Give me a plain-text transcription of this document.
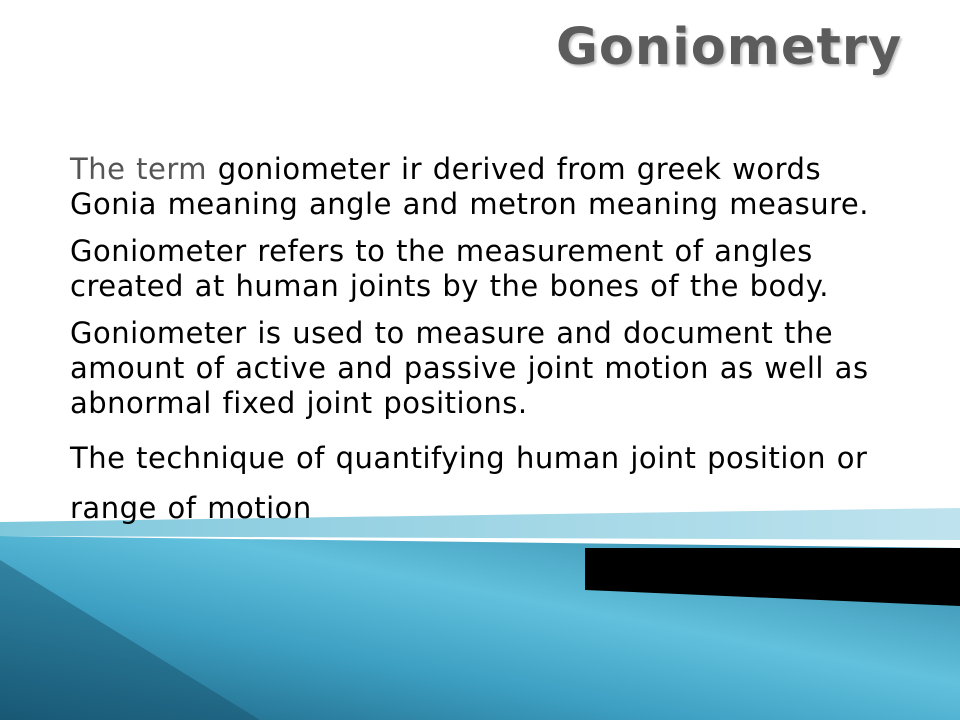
Goniometry
The term goniometer ir derived from greek words Gonia meaning angle and metron meaning measure.
Goniometer refers to the measurement of angles created at human joints by the bones of the body.
Goniometer is used to measure and document the amount of active and passive joint motion as well as abnormal fixed joint positions.
The technique of quantifying human joint position or range of motion
